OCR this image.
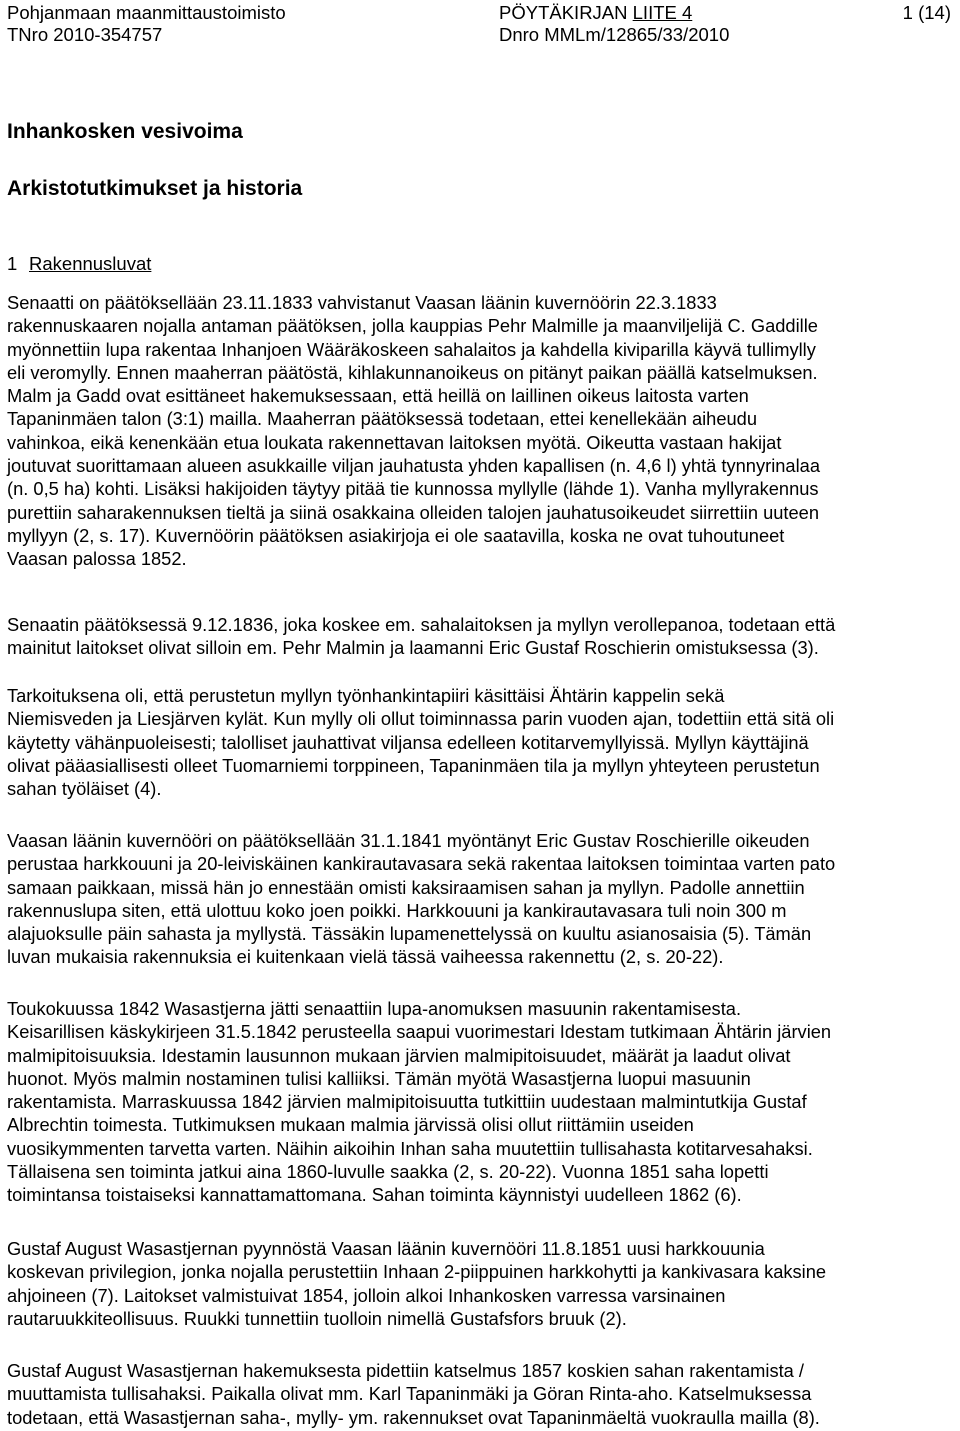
Pohjanmaan maanmittaustoimisto
TNro 2010-354757
PÖYTÄKIRJAN LIITE 4
Dnro MMLm/12865/33/2010
1 (14)
Inhankosken vesivoima
Arkistotutkimukset ja historia
1 Rakennusluvat
Senaatti on päätöksellään 23.11.1833 vahvistanut Vaasan läänin kuvernöörin 22.3.1833
rakennuskaaren nojalla antaman päätöksen, jolla kauppias Pehr Malmille ja maanviljelijä C. Gaddille
myönnettiin lupa rakentaa Inhanjoen Wääräkoskeen sahalaitos ja kahdella kiviparilla käyvä tullimylly
eli veromylly. Ennen maaherran päätöstä, kihlakunnanoikeus on pitänyt paikan päällä katselmuksen.
Malm ja Gadd ovat esittäneet hakemuksessaan, että heillä on laillinen oikeus laitosta varten
Tapaninmäen talon (3:1) mailla. Maaherran päätöksessä todetaan, ettei kenellekään aiheudu
vahinkoa, eikä kenenkään etua loukata rakennettavan laitoksen myötä. Oikeutta vastaan hakijat
joutuvat suorittamaan alueen asukkaille viljan jauhatusta yhden kapallisen (n. 4,6 l) yhtä tynnyrinalaa
(n. 0,5 ha) kohti. Lisäksi hakijoiden täytyy pitää tie kunnossa myllylle (lähde 1). Vanha myllyrakennus
purettiin saharakennuksen tieltä ja siinä osakkaina olleiden talojen jauhatusoikeudet siirrettiin uuteen
myllyyn (2, s. 17). Kuvernöörin päätöksen asiakirjoja ei ole saatavilla, koska ne ovat tuhoutuneet
Vaasan palossa 1852.
Senaatin päätöksessä 9.12.1836, joka koskee em. sahalaitoksen ja myllyn verollepanoa, todetaan että
mainitut laitokset olivat silloin em. Pehr Malmin ja laamanni Eric Gustaf Roschierin omistuksessa (3).
Tarkoituksena oli, että perustetun myllyn työnhankintapiiri käsittäisi Ähtärin kappelin sekä
Niemisveden ja Liesjärven kylät. Kun mylly oli ollut toiminnassa parin vuoden ajan, todettiin että sitä oli
käytetty vähänpuoleisesti; talolliset jauhattivat viljansa edelleen kotitarvemyllyissä. Myllyn käyttäjinä
olivat pääasiallisesti olleet Tuomarniemi torppineen, Tapaninmäen tila ja myllyn yhteyteen perustetun
sahan työläiset (4).
Vaasan läänin kuvernööri on päätöksellään 31.1.1841 myöntänyt Eric Gustav Roschierille oikeuden
perustaa harkkouuni ja 20-leiviskäinen kankirautavasara sekä rakentaa laitoksen toimintaa varten pato
samaan paikkaan, missä hän jo ennestään omisti kaksiraamisen sahan ja myllyn. Padolle annettiin
rakennuslupa siten, että ulottuu koko joen poikki. Harkkouuni ja kankirautavasara tuli noin 300 m
alajuoksulle päin sahasta ja myllystä. Tässäkin lupamenettelyssä on kuultu asianosaisia (5). Tämän
luvan mukaisia rakennuksia ei kuitenkaan vielä tässä vaiheessa rakennettu (2, s. 20-22).
Toukokuussa 1842 Wasastjerna jätti senaattiin lupa-anomuksen masuunin rakentamisesta.
Keisarillisen käskykirjeen 31.5.1842 perusteella saapui vuorimestari Idestam tutkimaan Ähtärin järvien
malmipitoisuuksia. Idestamin lausunnon mukaan järvien malmipitoisuudet, määrät ja laadut olivat
huonot. Myös malmin nostaminen tulisi kalliiksi. Tämän myötä Wasastjerna luopui masuunin
rakentamista. Marraskuussa 1842 järvien malmipitoisuutta tutkittiin uudestaan malmintutkija Gustaf
Albrechtin toimesta. Tutkimuksen mukaan malmia järvissä olisi ollut riittämiin useiden
vuosikymmenten tarvetta varten. Näihin aikoihin Inhan saha muutettiin tullisahasta kotitarvesahaksi.
Tällaisena sen toiminta jatkui aina 1860-luvulle saakka (2, s. 20-22). Vuonna 1851 saha lopetti
toimintansa toistaiseksi kannattamattomana. Sahan toiminta käynnistyi uudelleen 1862 (6).
Gustaf August Wasastjernan pyynnöstä Vaasan läänin kuvernööri 11.8.1851 uusi harkkouunia
koskevan privilegion, jonka nojalla perustettiin Inhaan 2-piippuinen harkkohytti ja kankivasara kaksine
ahjoineen (7). Laitokset valmistuivat 1854, jolloin alkoi Inhankosken varressa varsinainen
rautaruukkiteollisuus. Ruukki tunnettiin tuolloin nimellä Gustafsfors bruuk (2).
Gustaf August Wasastjernan hakemuksesta pidettiin katselmus 1857 koskien sahan rakentamista /
muuttamista tullisahaksi. Paikalla olivat mm. Karl Tapaninmäki ja Göran Rinta-aho. Katselmuksessa
todetaan, että Wasastjernan saha-, mylly- ym. rakennukset ovat Tapaninmäeltä vuokraulla mailla (8).
